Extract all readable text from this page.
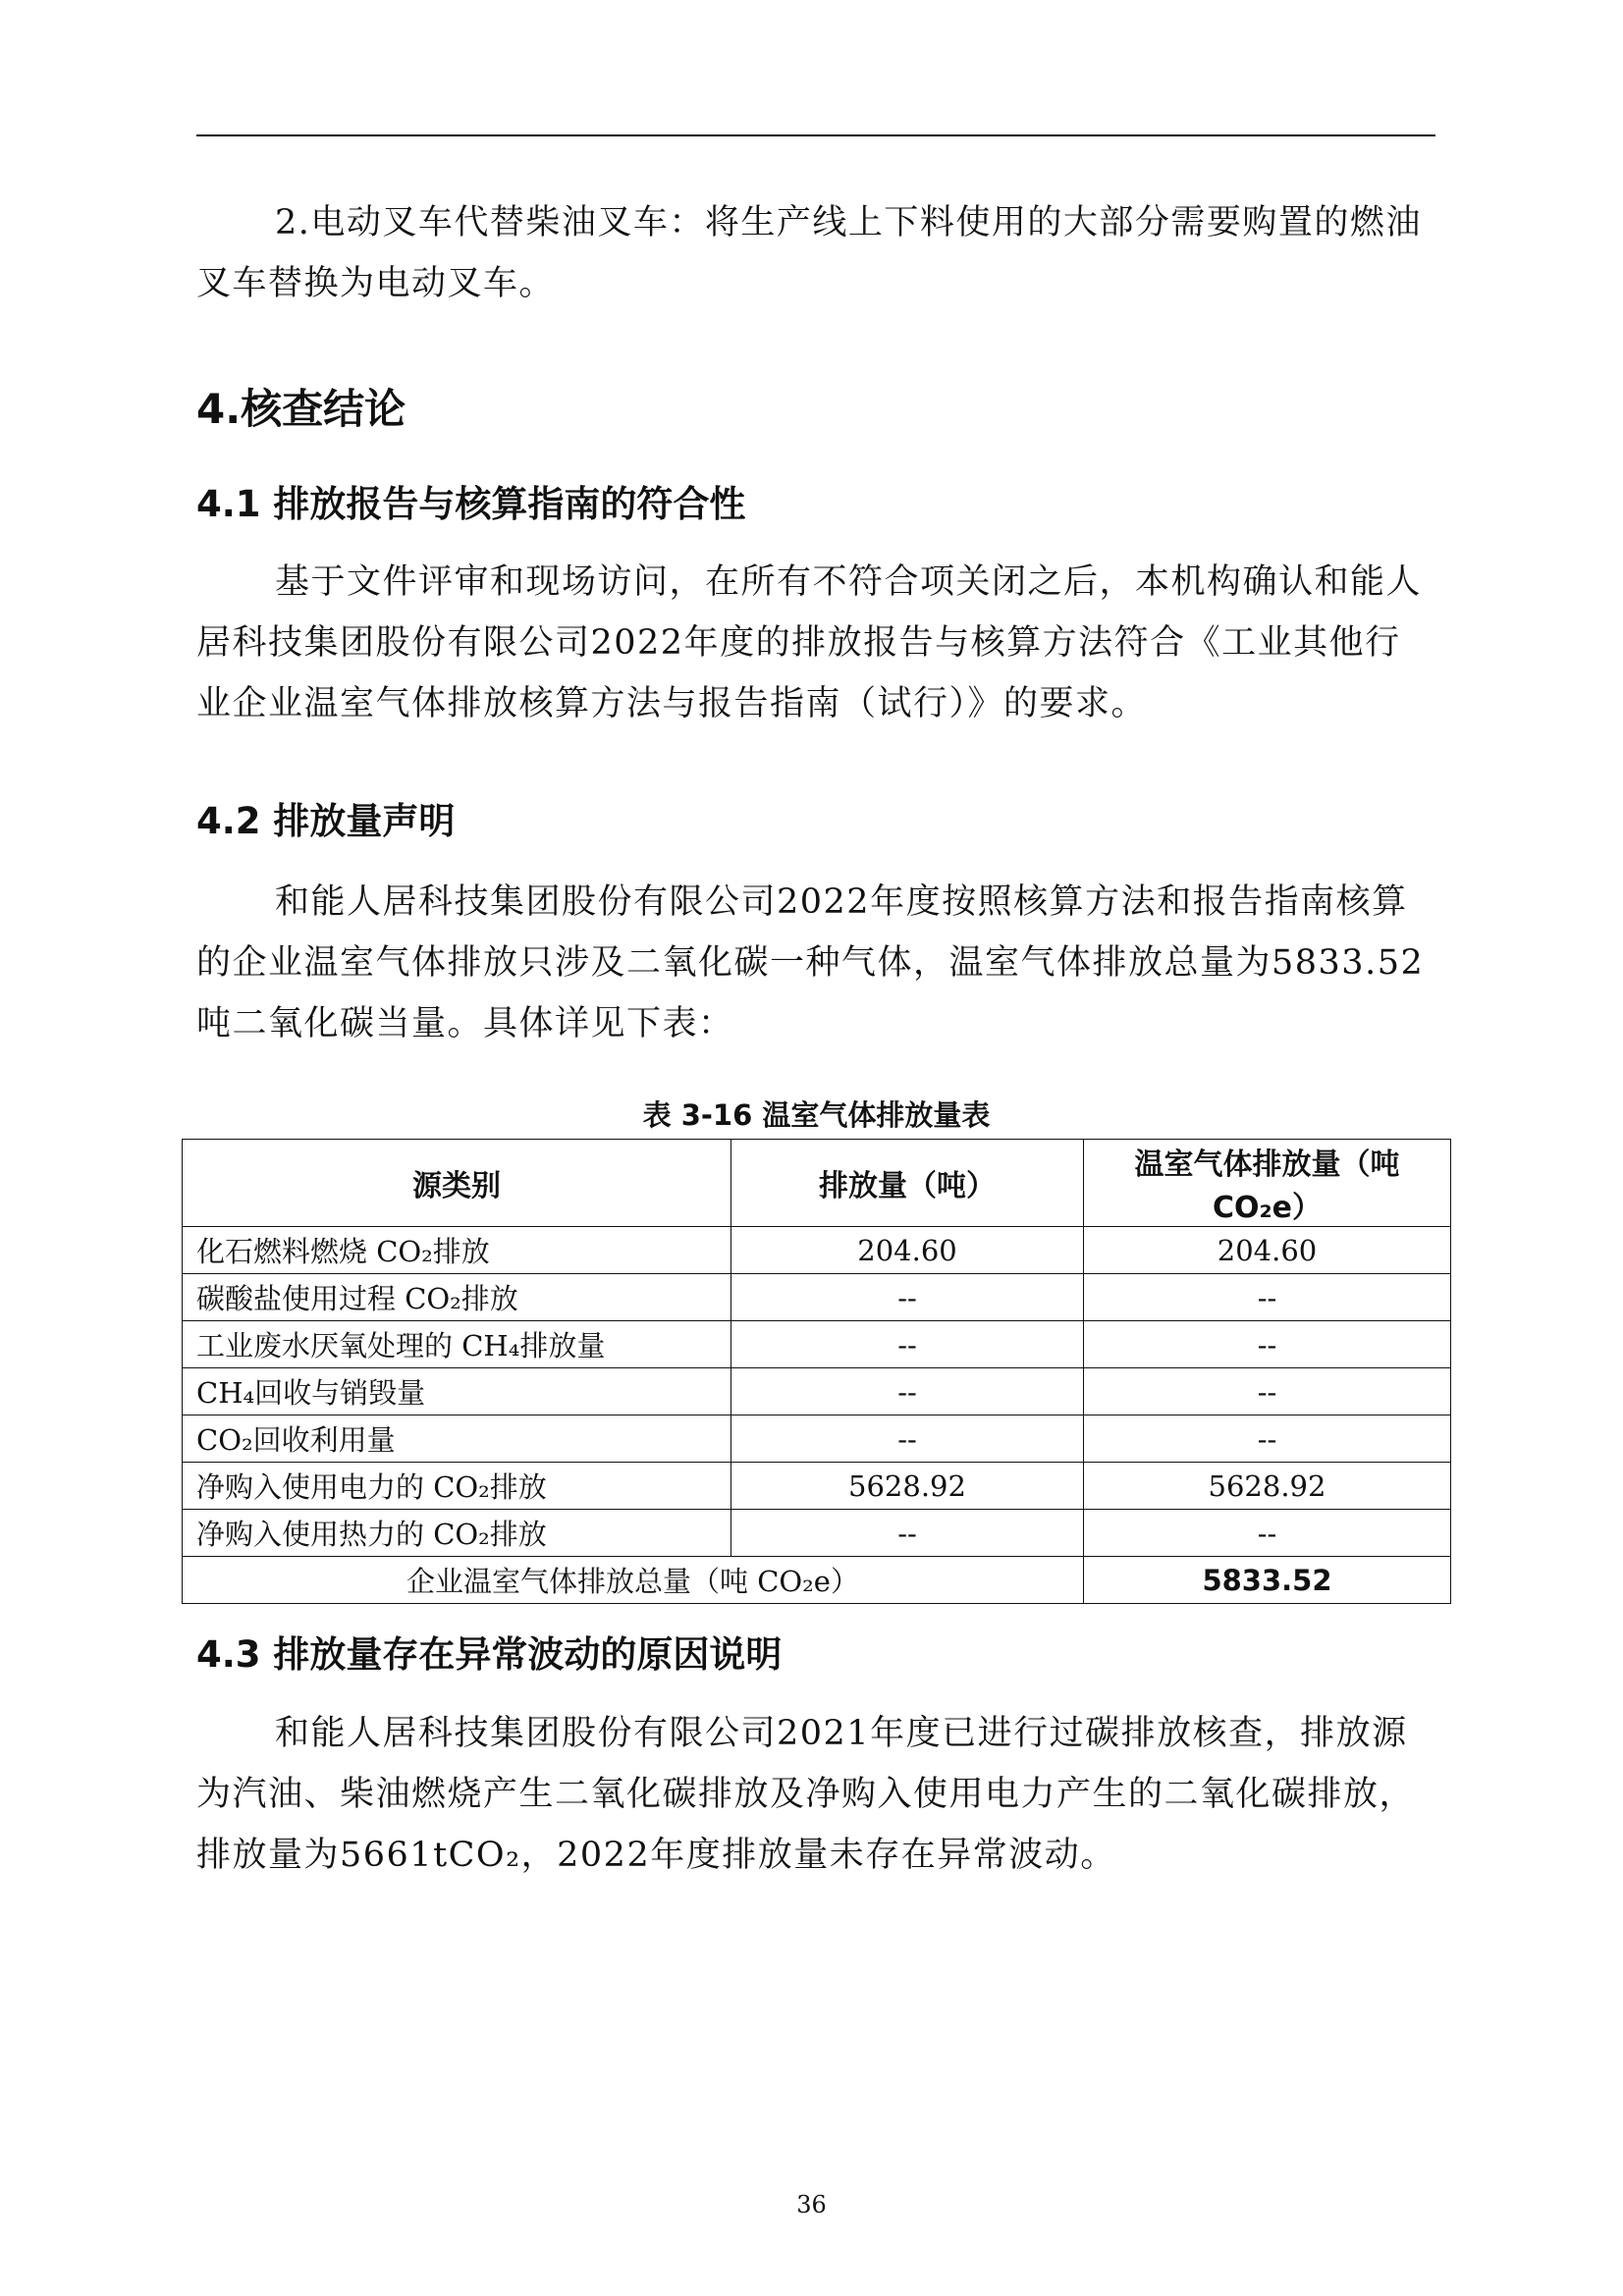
2.电动叉车代替柴油叉车：将生产线上下料使用的大部分需要购置的燃油叉车替换为电动叉车。

4.核查结论
4.1 排放报告与核算指南的符合性

基于文件评审和现场访问，在所有不符合项关闭之后，本机构确认和能人居科技集团股份有限公司2022年度的排放报告与核算方法符合《工业其他行业企业温室气体排放核算方法与报告指南（试行）》的要求。

4.2 排放量声明

和能人居科技集团股份有限公司2022年度按照核算方法和报告指南核算的企业温室气体排放只涉及二氧化碳一种气体，温室气体排放总量为5833.52吨二氧化碳当量。具体详见下表：

表 3-16 温室气体排放量表

源类别	排放量（吨）	温室气体排放量（吨 CO₂e）
化石燃料燃烧 CO₂排放	204.60	204.60
碳酸盐使用过程 CO₂排放	--	--
工业废水厌氧处理的 CH₄排放量	--	--
CH₄回收与销毁量	--	--
CO₂回收利用量	--	--
净购入使用电力的 CO₂排放	5628.92	5628.92
净购入使用热力的 CO₂排放	--	--
企业温室气体排放总量（吨 CO₂e）		5833.52
4.3 排放量存在异常波动的原因说明

和能人居科技集团股份有限公司2021年度已进行过碳排放核查，排放源为汽油、柴油燃烧产生二氧化碳排放及净购入使用电力产生的二氧化碳排放，排放量为5661tCO₂，2022年度排放量未存在异常波动。

36
